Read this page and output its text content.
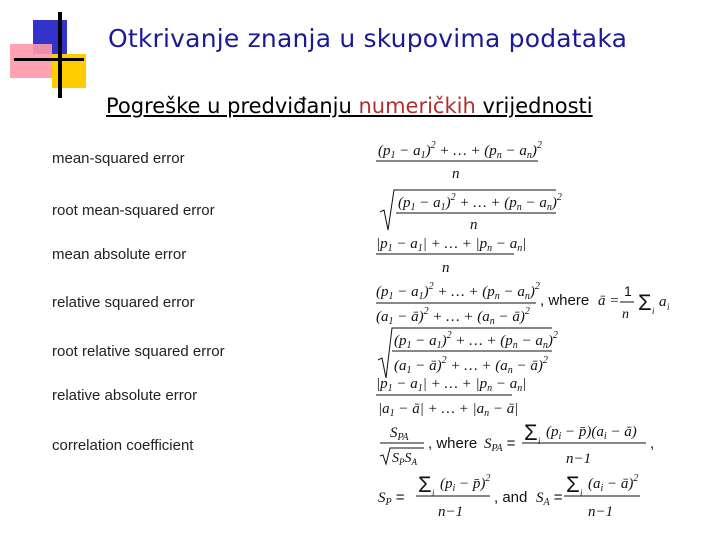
Otkrivanje znanja u skupovima podataka
Pogreške u predviđanju numeričkih vrijednosti
mean-squared error
root mean-squared error
mean absolute error
relative squared error
root relative squared error
relative absolute error
correlation coefficient
$(p_1 - a_1)^2$ + … + $(p_n - a_n)^2$
n
$(p_1 - a_1)^2$ + … + $(p_n - a_n)^2$
n
$|p_1 - a_1|$ + … + $|p_n - a_n|$
n
$(p_1 - a_1)^2$ + … + $(p_n - a_n)^2$
($a_1$ − ā)$^2$ + … + ($a_n$ − ā)$^2$
, where ā =
1
n Σ i
a i
$(p_1 - a_1)^2$ + … + $(p_n - a_n)^2$
($a_1$ − ā)$^2$ + … + ($a_n$ − ā)$^2$
$|p_1 - a_1|$ + … + $|p_n - a_n|$
$|a_1$ − ā| + … + $|a_n$ − ā|
$S_{PA}$
$S_PS_A$
, where $S_{PA} = \Sigma$ i
($p_i$ − $p̄)(a_i$ − ā)
n−1
,
$S_P$ =
Σ i
($p_i$ − p̄)$^2$
n−1
, and $S_A$ =
Σ i
($a_i$ − ā)$^2$
n−1
